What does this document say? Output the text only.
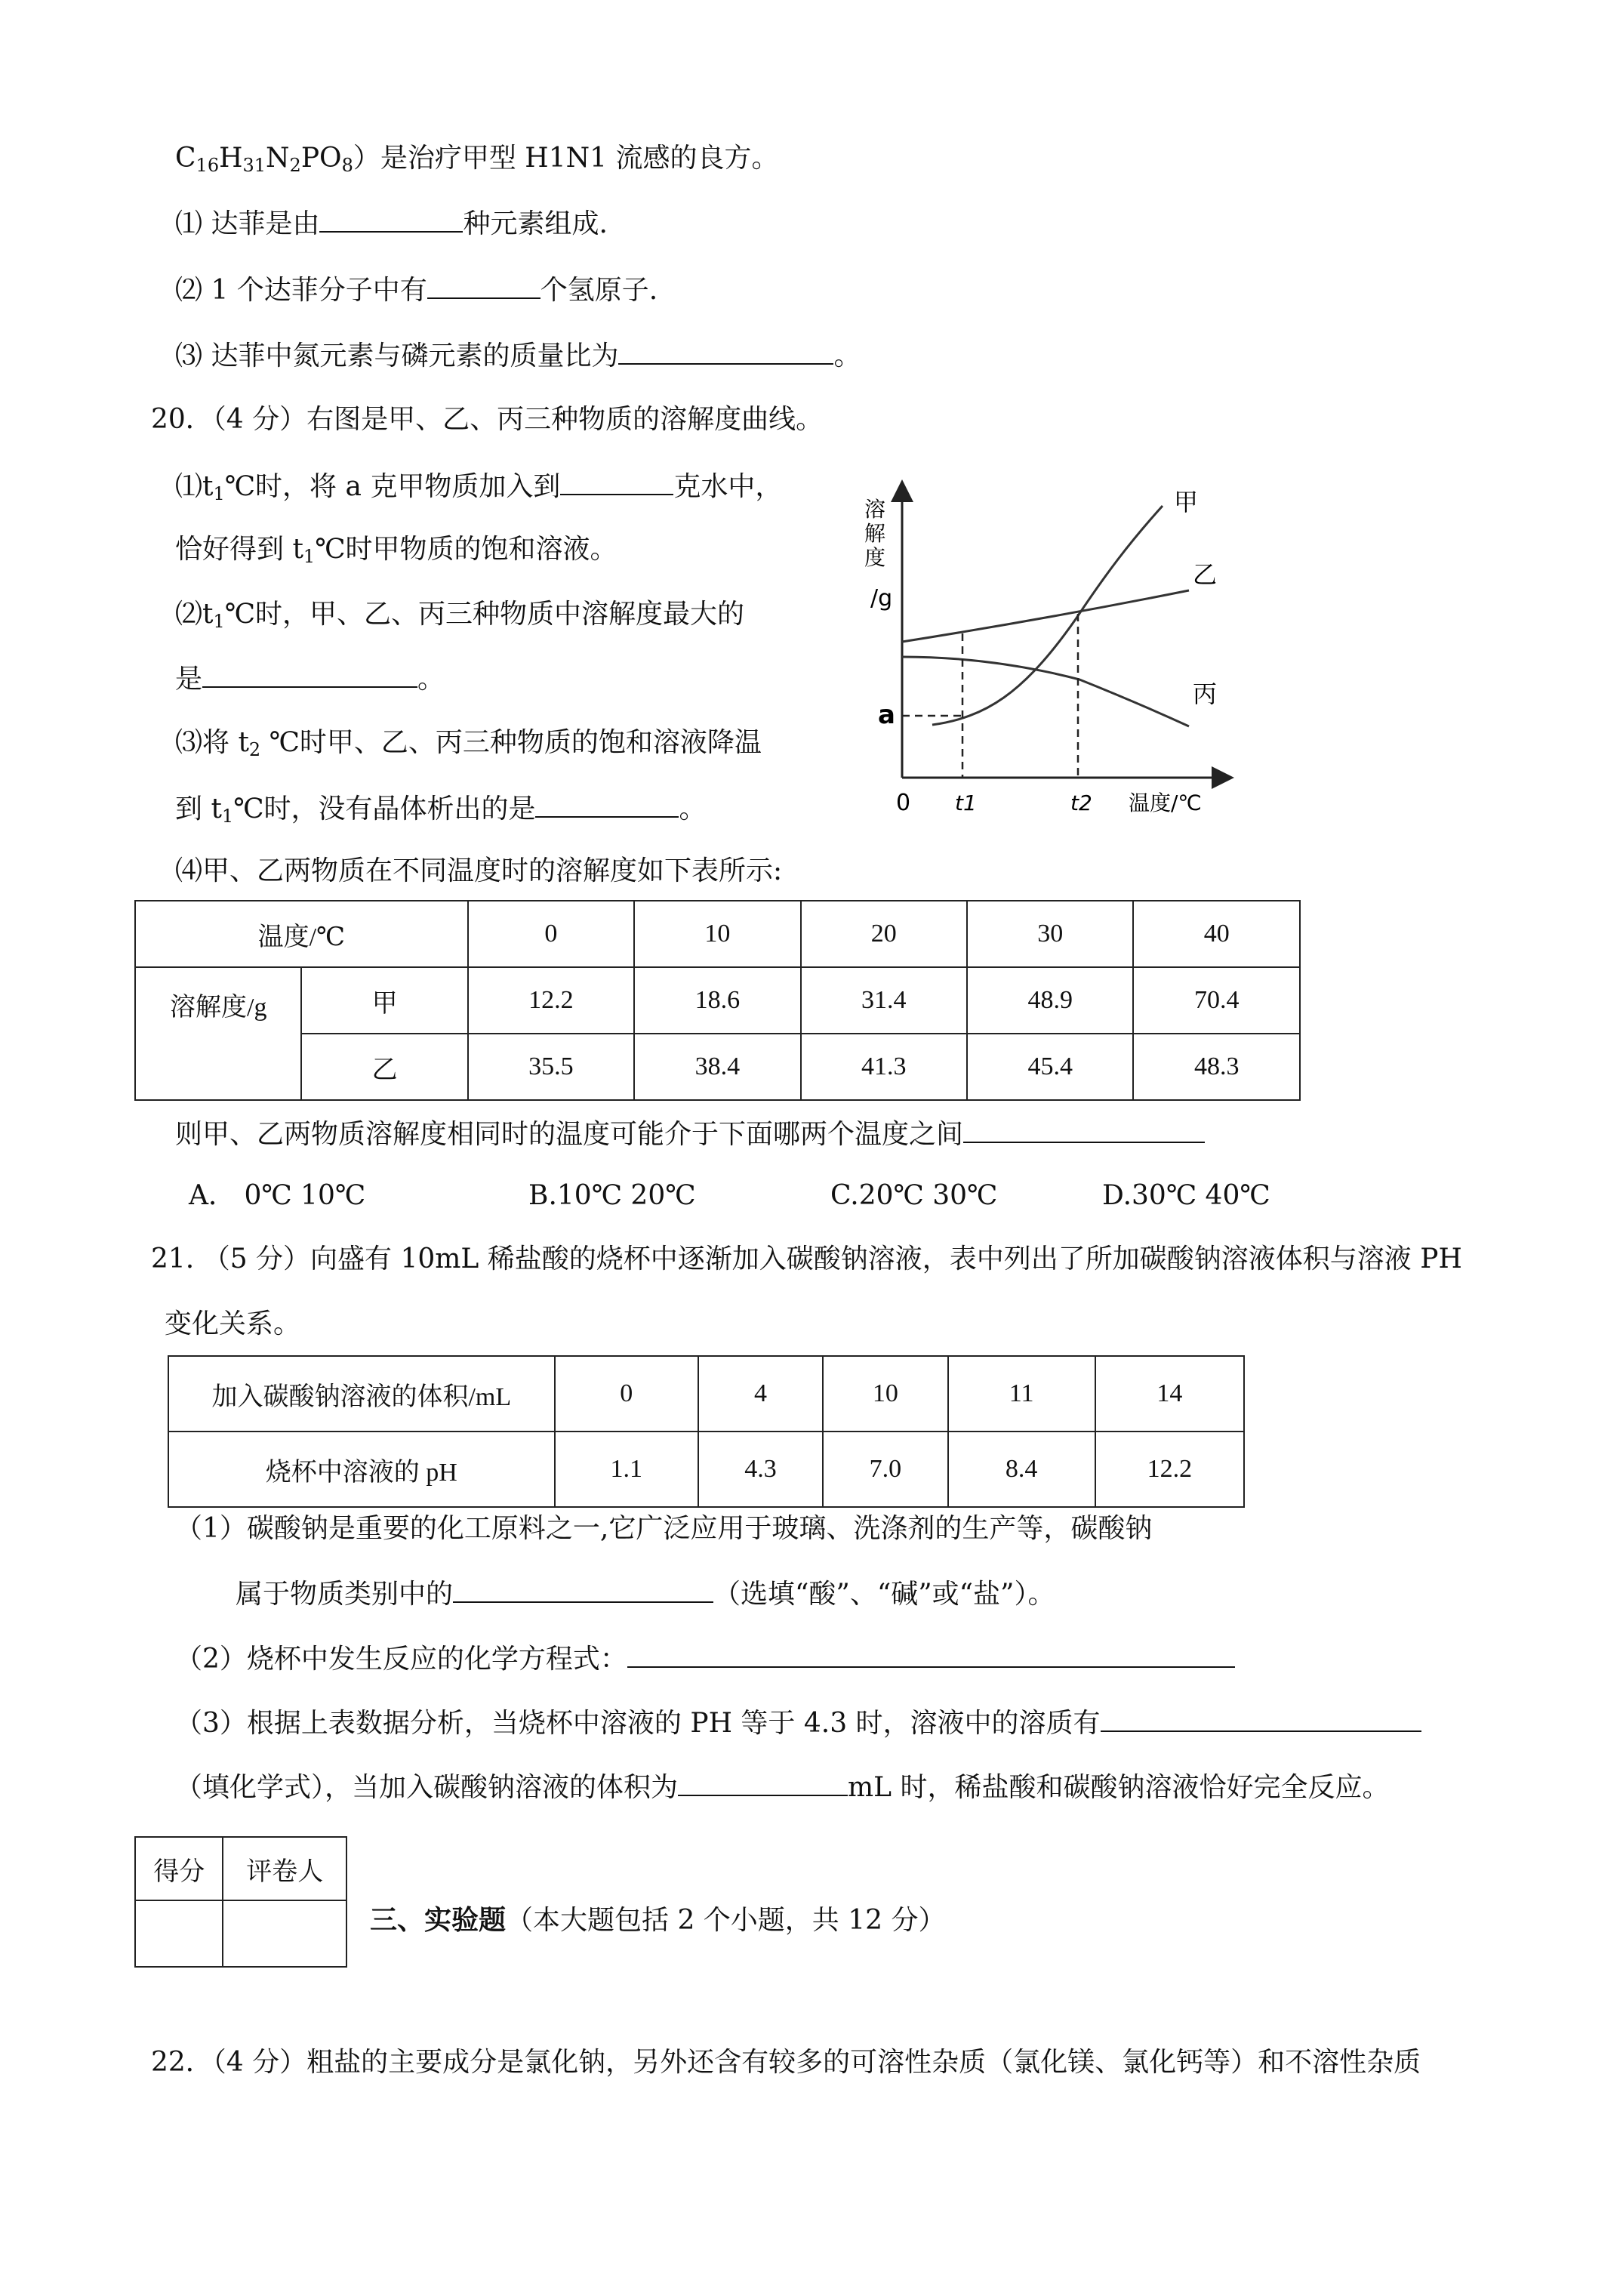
$C_{16}H_{31}N_2PO_8$）是治疗甲型 H1N1 流感的良方。
⑴ 达菲是由	种元素组成.
⑵ 1 个达菲分子中有	个氢原子.
⑶ 达菲中氮元素与磷元素的质量比为	。
20．（4 分）右图是甲、乙、丙三种物质的溶解度曲线。
$⑴t_1℃$时，将 a 克甲物质加入到	克水中，
恰好得到 $t_1℃$时甲物质的饱和溶液。
$⑵t_1℃$时，甲、乙、丙三种物质中溶解度最大的
是	。
⑶将 $t_2$ ℃时甲、乙、丙三种物质的饱和溶液降温
到 $t_1℃$时，没有晶体析出的是	。
⑷甲、乙两物质在不同温度时的溶解度如下表所示:
溶
解
度
/g
a
0 t1	t2 温度/℃
甲
乙
丙
温度/℃		0	10	20	30	40
溶解度/g	甲	12.2	18.6	31.4	48.9	70.4
	乙	35.5	38.4	41.3	45.4	48.3
则甲、乙两物质溶解度相同时的温度可能介于下面哪两个温度之间
A． 0℃ 10℃	B.10℃ 20℃	C.20℃ 30℃	D.30℃ 40℃
21. （5 分）向盛有 10mL 稀盐酸的烧杯中逐渐加入碳酸钠溶液，表中列出了所加碳酸钠溶液体积与溶液 PH
变化关系。
加入碳酸钠溶液的体积/mL	0	4	10	11	14
烧杯中溶液的 pH	1.1	4.3	7.0	8.4	12.2
（1）碳酸钠是重要的化工原料之一,它广泛应用于玻璃、洗涤剂的生产等，碳酸钠
属于物质类别中的	（选填“酸”、“碱”或“盐”）。
（2）烧杯中发生反应的化学方程式：
（3）根据上表数据分析，当烧杯中溶液的 PH 等于 4.3 时，溶液中的溶质有
（填化学式），当加入碳酸钠溶液的体积为	mL 时，稀盐酸和碳酸钠溶液恰好完全反应。
得分	评卷人

三、实验题（本大题包括 2 个小题，共 12 分）
22．（4 分）粗盐的主要成分是氯化钠，另外还含有较多的可溶性杂质（氯化镁、氯化钙等）和不溶性杂质
